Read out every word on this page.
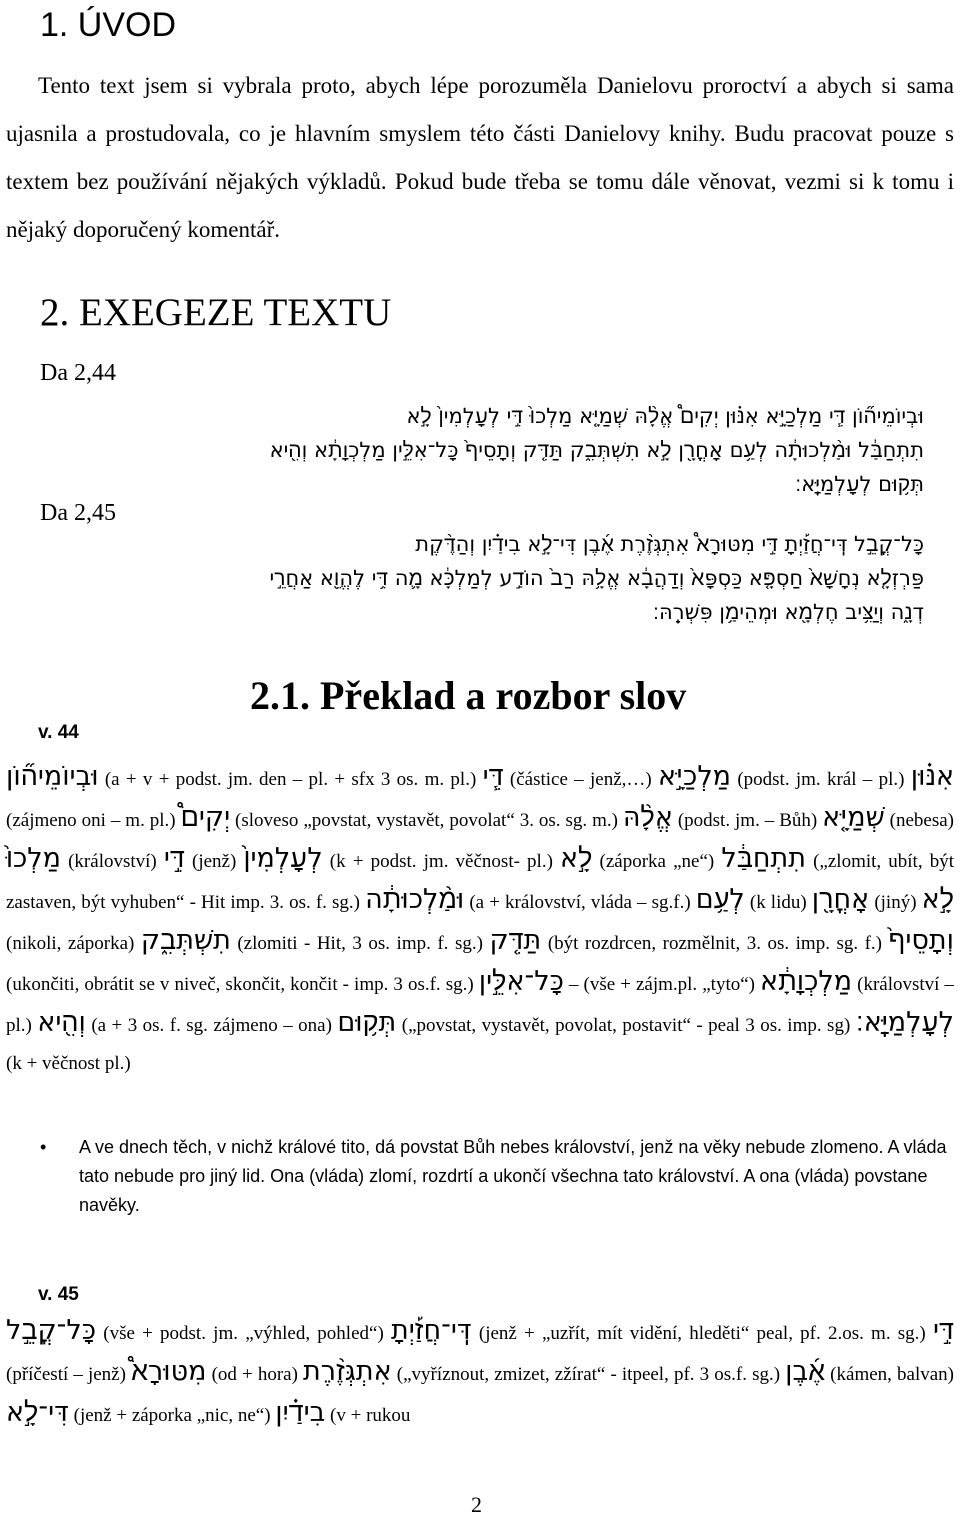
1. ÚVOD

Tento text jsem si vybrala proto, abych lépe porozuměla Danielovu proroctví a abych si sama ujasnila a prostudovala, co je hlavním smyslem této části Danielovy knihy. Budu pracovat pouze s textem bez používání nějakých výkladů. Pokud bude třeba se tomu dále věnovat, vezmi si k tomu i nějaký doporučený komentář.

2. EXEGEZE TEXTU
Da 2,44
Da 2,45
וּבְיוֹמֵיה֞וֹן דִּ֧י מַלְכַיָּ֣א אִנּ֗וּן יְקִים֩ אֱלָ֨הּ שְׁמַיָּ֤א מַלְכוּ֙ דִּ֣י לְעָלְמִין֙ לָ֣א
תִתְחַבַּ֔ל וּמַ֨לְכוּתָ֔ה לְעַ֥ם אָחֳרָ֖ן לָ֣א תִשְׁתְּבִ֑ק תַּדִּ֤ק וְתָסֵיף֙ כָּל־אִלֵּ֣ין מַלְכְוָתָ֔א וְהִ֖יא
תְּק֥וּם לְעָלְמַיָּֽא׃
כָּל־קֳבֵ֣ל דִּֽי־חֲזַ֡יְתָ דִּ֣י מִטּוּרָא֩ אִתְגְּזֶ֨רֶת אֶ֜בֶן דִּי־לָ֣א בִידַ֗יִן וְהַדֶּ֨קֶת
פַּרְזְלָ֤א נְחָשָׁא֙ חַסְפָּ֤א כַּסְפָּא֙ וְדַהֲבָ֔א אֱלָ֥הּ רַב֙ הוֹדַ֣ע לְמַלְכָּ֔א מָ֛ה דִּ֥י לֶהֱוֵ֖א אַחֲרֵ֣י
דְנָ֑ה וְיַצִּ֥יב חֶלְמָ֖א וּמְהֵימַ֥ן פִּשְׁרֵֽהּ׃
2.1. Překlad a rozbor slov
v. 44

וּבְיוֹמֵיה֞וֹן (a + v + podst. jm. den – pl. + sfx 3 os. m. pl.) דִּ֧י (částice – jenž,…) מַלְכַיָּ֣א (podst. jm. král – pl.) אִנּ֗וּן (zájmeno oni – m. pl.) יְקִים֩ (sloveso „povstat, vystavět, povolat“ 3. os. sg. m.) אֱלָ֨הּ (podst. jm. – Bůh) שְׁמַיָּ֤א (nebesa) מַלְכוּ֙ (království) דִּ֣י (jenž) לְעָלְמִין֙ (k + podst. jm. věčnost- pl.) לָ֣א (záporka „ne“) תִתְחַבַּ֔ל („zlomit, ubít, být zastaven, být vyhuben“ - Hit imp. 3. os. f. sg.) וּמַ֨לְכוּתָ֔ה (a + království, vláda – sg.f.) לְעַ֥ם (k lidu) אָחֳרָ֖ן (jiný) לָ֣א (nikoli, záporka) תִשְׁתְּבִ֑ק (zlomiti - Hit, 3 os. imp. f. sg.) תַּדִּ֤ק (být rozdrcen, rozmělnit, 3. os. imp. sg. f.) וְתָסֵיף֙ (ukončiti, obrátit se v niveč, skončit, končit - imp. 3 os.f. sg.) כָּל־אִלֵּ֣ין – (vše + zájm.pl. „tyto“) מַלְכְוָתָ֔א (království – pl.) וְהִ֖יא (a + 3 os. f. sg. zájmeno – ona) תְּק֥וּם („povstat, vystavět, povolat, postavit“ - peal 3 os. imp. sg) לְעָלְמַיָּֽא׃ (k + věčnost pl.)

• A ve dnech těch, v nichž králové tito, dá povstat Bůh nebes království, jenž na věky nebude zlomeno. A vláda tato nebude pro jiný lid. Ona (vláda) zlomí, rozdrtí a ukončí všechna tato království. A ona (vláda) povstane navěky.

v. 45

כָּל־קֳבֵ֣ל (vše + podst. jm. „výhled, pohled“) דִּֽי־חֲזַ֡יְתָ (jenž + „uzřít, mít vidění, hleděti“ peal, pf. 2.os. m. sg.) דִּ֣י (příčestí – jenž) מִטּוּרָא֩ (od + hora) אִתְגְּזֶ֨רֶת („vyříznout, zmizet, zžírat“ - itpeel, pf. 3 os.f. sg.) אֶ֜בֶן (kámen, balvan) דִּי־לָ֣א (jenž + záporka „nic, ne“) בִידַ֗יִן (v + rukou

2
